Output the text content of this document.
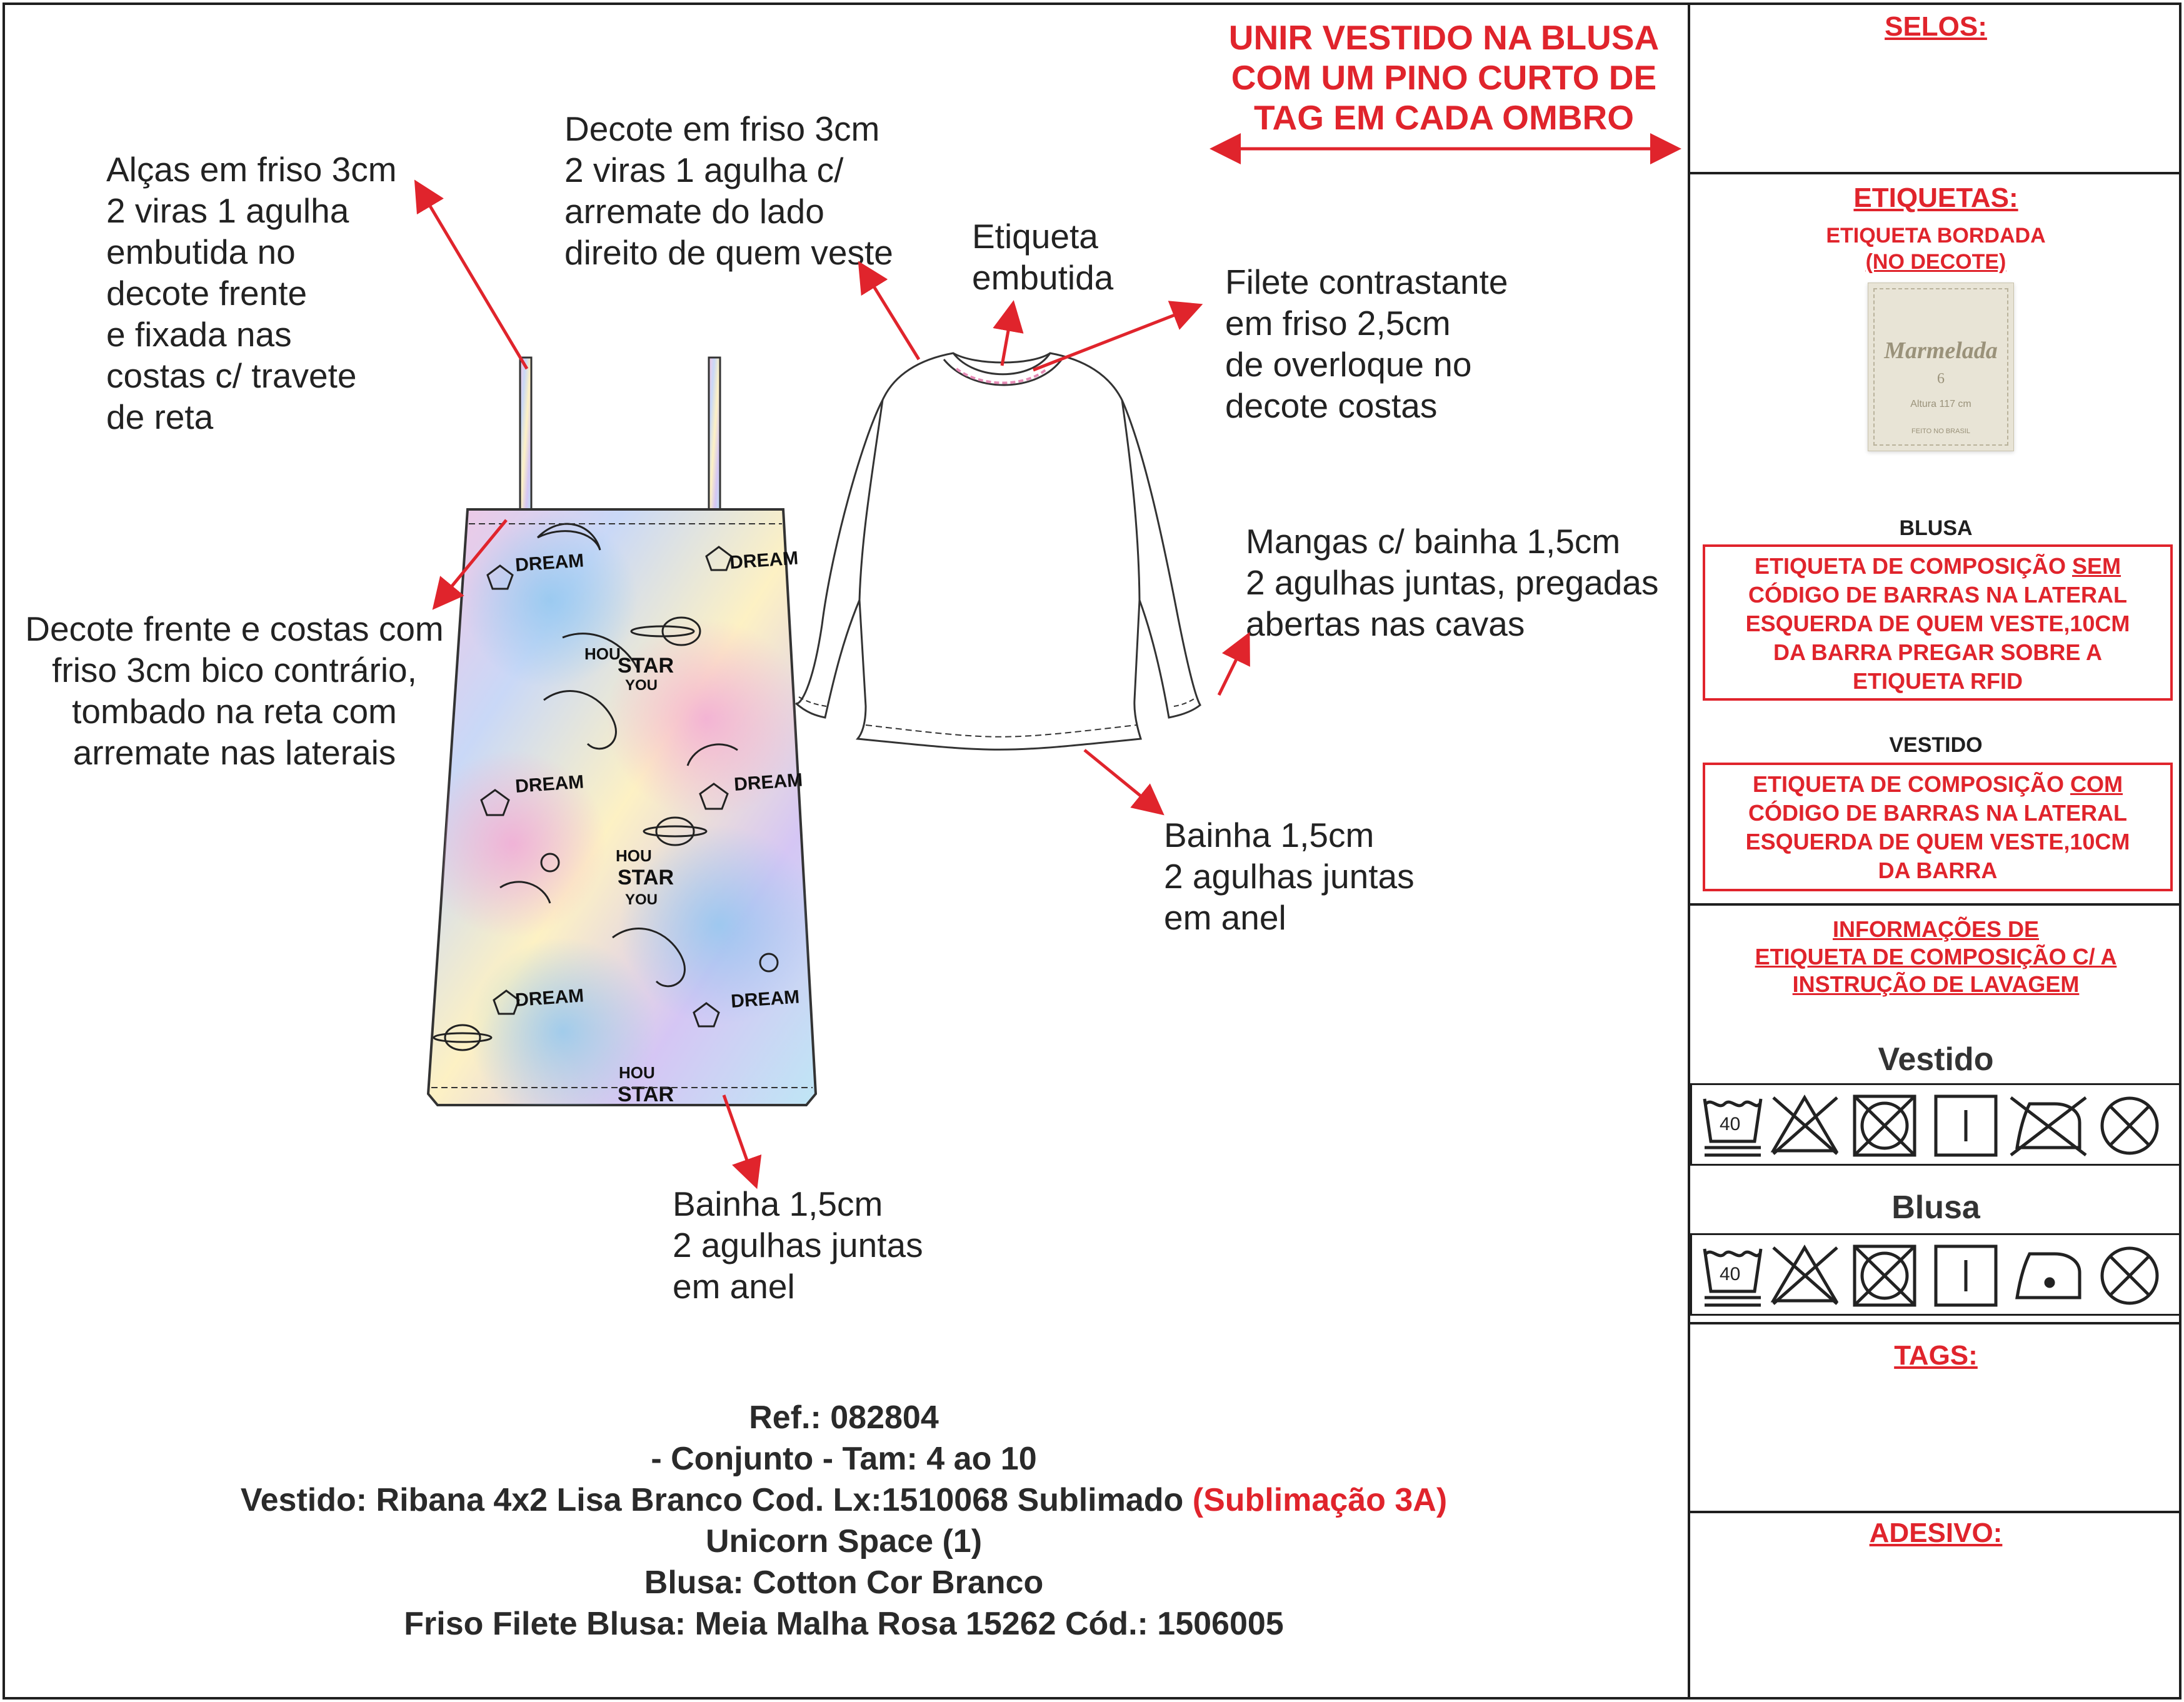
UNIR VESTIDO NA BLUSA
COM UM PINO CURTO DE
TAG EM CADA OMBRO
Alças em friso 3cm
2 viras 1 agulha
embutida no
decote frente
e fixada nas
costas c/ travete
de reta
Decote em friso 3cm
2 viras 1 agulha c/
arremate do lado
direito de quem veste Etiqueta
embutida	Filete contrastante
em friso 2,5cm
de overloque no
decote costas
Mangas c/ bainha 1,5cm
2 agulhas juntas, pregadas
abertas nas cavas
Decote frente e costas com
friso 3cm bico contrário,
tombado na reta com
arremate nas laterais
Bainha 1,5cm
2 agulhas juntas
em anel
Bainha 1,5cm
2 agulhas juntas
em anel
DREAM	DREAM
HOU
STAR
YOU
DREAM	DREAM
HOU
STAR
YOU
DREAM	DREAM
HOU
STAR
Ref.: 082804
- Conjunto - Tam: 4 ao 10
Vestido: Ribana 4x2 Lisa Branco Cod. Lx:1510068 Sublimado (Sublimação 3A)
Unicorn Space (1)
Blusa: Cotton Cor Branco
Friso Filete Blusa: Meia Malha Rosa 15262 Cód.: 1506005
SELOS:
ETIQUETAS:
ETIQUETA BORDADA
(NO DECOTE)
Marmelada
6
Altura 117 cm
FEITO NO BRASIL
BLUSA
ETIQUETA DE COMPOSIÇÃO SEM
CÓDIGO DE BARRAS NA LATERAL
ESQUERDA DE QUEM VESTE,10CM
DA BARRA PREGAR SOBRE A
ETIQUETA RFID
VESTIDO
ETIQUETA DE COMPOSIÇÃO COM
CÓDIGO DE BARRAS NA LATERAL
ESQUERDA DE QUEM VESTE,10CM
DA BARRA
INFORMAÇÕES DE
ETIQUETA DE COMPOSIÇÃO C/ A
INSTRUÇÃO DE LAVAGEM
Vestido
40
Blusa
40
TAGS:
ADESIVO:
